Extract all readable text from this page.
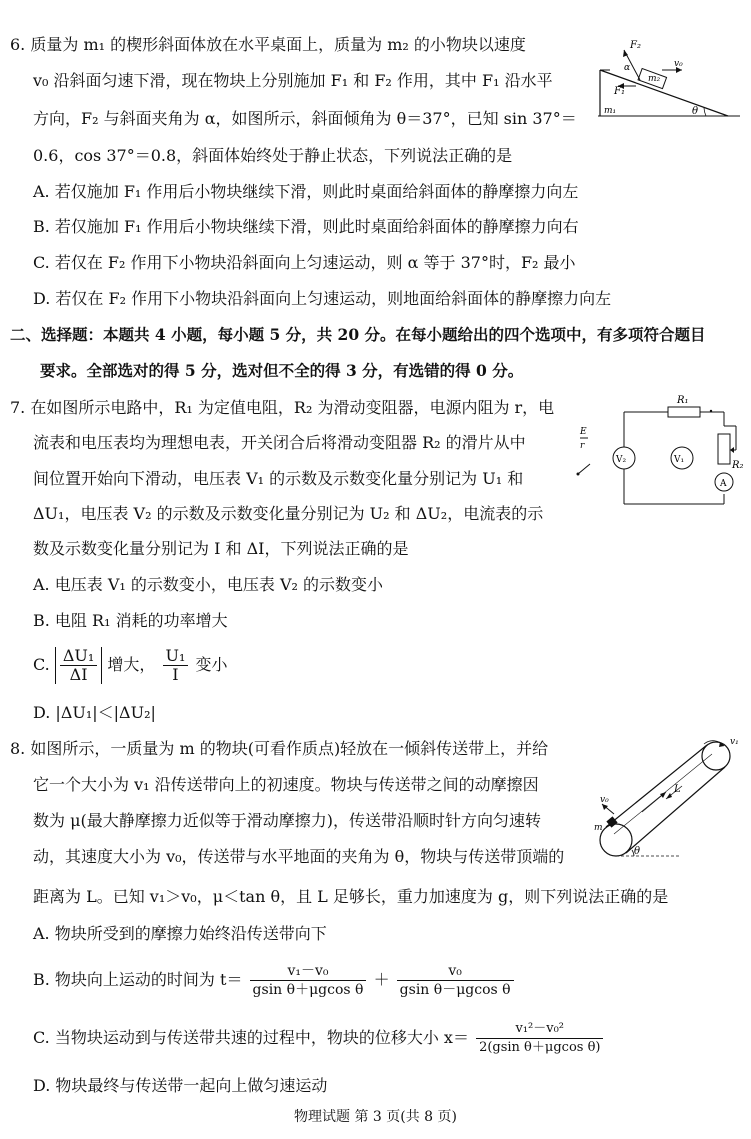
6. 质量为 m₁ 的楔形斜面体放在水平桌面上，质量为 m₂ 的小物块以速度
v₀ 沿斜面匀速下滑，现在物块上分别施加 F₁ 和 F₂ 作用，其中 F₁ 沿水平
方向，F₂ 与斜面夹角为 α，如图所示，斜面倾角为 θ＝37°，已知 sin 37°＝
0.6，cos 37°＝0.8，斜面体始终处于静止状态，下列说法正确的是
A. 若仅施加 F₁ 作用后小物块继续下滑，则此时桌面给斜面体的静摩擦力向左
B. 若仅施加 F₁ 作用后小物块继续下滑，则此时桌面给斜面体的静摩擦力向右
C. 若仅在 F₂ 作用下小物块沿斜面向上匀速运动，则 α 等于 37°时，F₂ 最小
D. 若仅在 F₂ 作用下小物块沿斜面向上匀速运动，则地面给斜面体的静摩擦力向左
F₂
F₁
v₀
α
m₂
m₁	θ
二、选择题：本题共 4 小题，每小题 5 分，共 20 分。在每小题给出的四个选项中，有多项符合题目
要求。全部选对的得 5 分，选对但不全的得 3 分，有选错的得 0 分。
7. 在如图所示电路中，R₁ 为定值电阻，R₂ 为滑动变阻器，电源内阻为 r，电
流表和电压表均为理想电表，开关闭合后将滑动变阻器 R₂ 的滑片从中
间位置开始向下滑动，电压表 V₁ 的示数及示数变化量分别记为 U₁ 和
ΔU₁，电压表 V₂ 的示数及示数变化量分别记为 U₂ 和 ΔU₂，电流表的示
数及示数变化量分别记为 I 和 ΔI，下列说法正确的是
A. 电压表 V₁ 的示数变小，电压表 V₂ 的示数变小
B. 电阻 R₁ 消耗的功率增大
C. $\frac{\text{ΔU₁}}{\Delta I}$ 增大， $\frac{\text{U₁}}{I}$ 变小
D. |ΔU₁|＜|ΔU₂|
R₁
R₂
E
r
V₂	V₁
A
8. 如图所示，一质量为 m 的物块(可看作质点)轻放在一倾斜传送带上，并给
它一个大小为 v₁ 沿传送带向上的初速度。物块与传送带之间的动摩擦因
数为 μ(最大静摩擦力近似等于滑动摩擦力)，传送带沿顺时针方向匀速转
动，其速度大小为 v₀，传送带与水平地面的夹角为 θ，物块与传送带顶端的
距离为 L。已知 v₁＞v₀，μ＜tan θ，且 L 足够长，重力加速度为 g，则下列说法正确的是
A. 物块所受到的摩擦力始终沿传送带向下
B. 物块向上运动的时间为 $t= \frac{\text{v₁－v₀}}{\text{gsin θ＋μgcos θ}} + \frac{\text{v₀}}{\text{gsin θ－μgcos θ}}$
C. 当物块运动到与传送带共速的过程中，物块的位移大小 $x= \frac{\text{v₁²－v₀²}}{\text{2(gsin θ＋μgcos θ)}}$
D. 物块最终与传送带一起向上做匀速运动
v₀
v₁
m
L
θ
物理试题 第 3 页(共 8 页)
